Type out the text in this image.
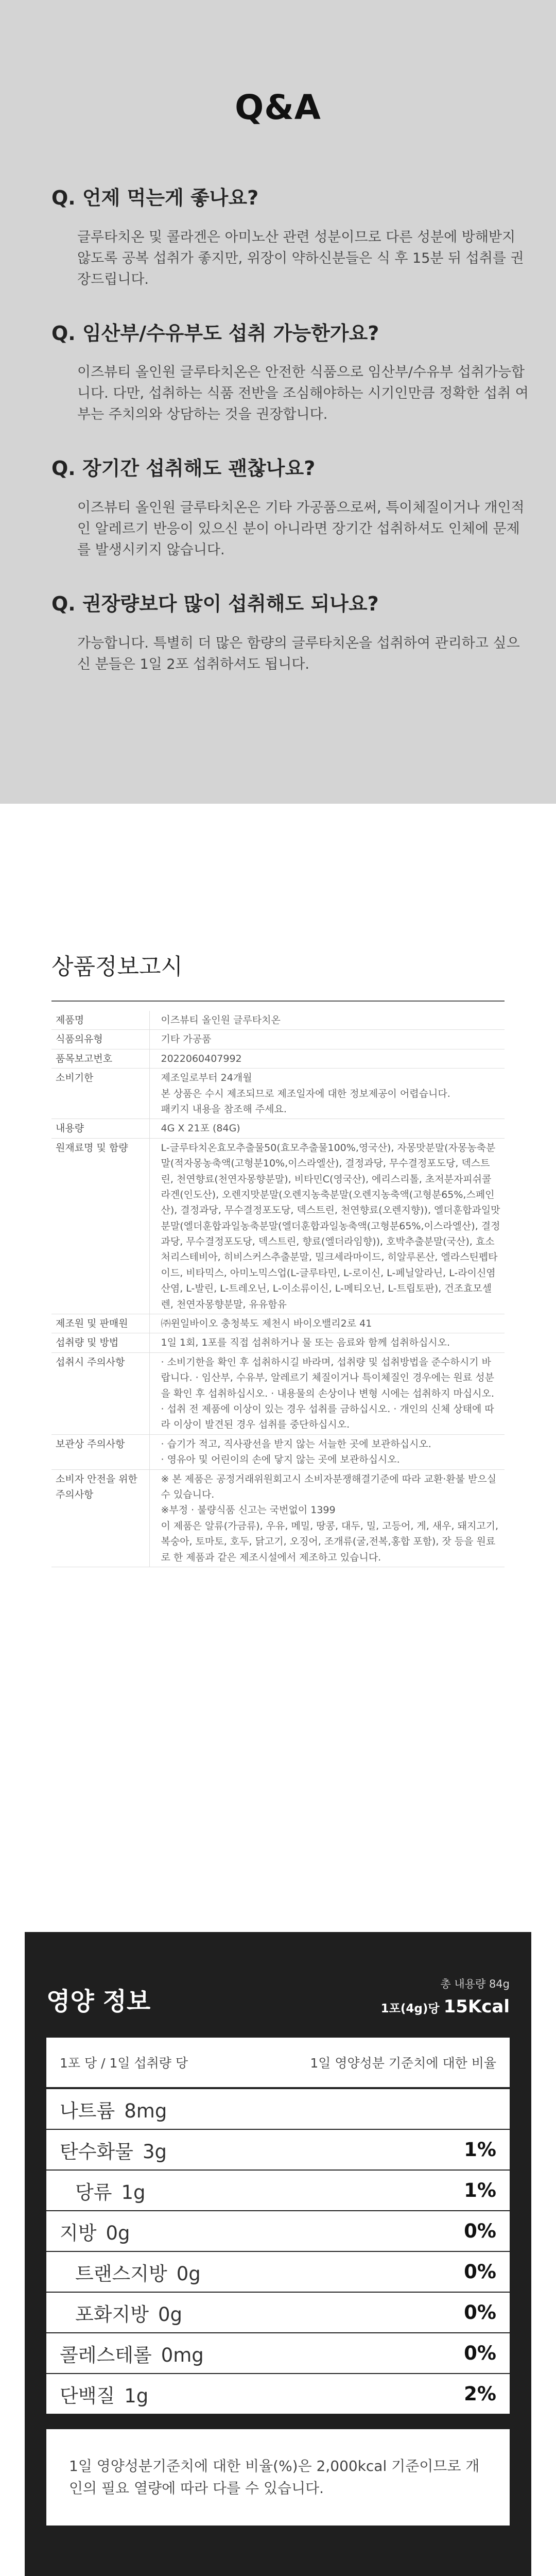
Q&A
Q. 언제 먹는게 좋나요?
글루타치온 및 콜라겐은 아미노산 관련 성분이므로 다른 성분에 방해받지 않도록 공복 섭취가 좋지만, 위장이 약하신분들은 식 후 15분 뒤 섭취를 권장드립니다.
Q. 임산부/수유부도 섭취 가능한가요?
이즈뷰티 올인원 글루타치온은 안전한 식품으로 임산부/수유부 섭취가능합니다. 다만, 섭취하는 식품 전반을 조심해야하는 시기인만큼 정확한 섭취 여부는 주치의와 상담하는 것을 권장합니다.
Q. 장기간 섭취해도 괜찮나요?
이즈뷰티 올인원 글루타치온은 기타 가공품으로써, 특이체질이거나 개인적인 알레르기 반응이 있으신 분이 아니라면 장기간 섭취하셔도 인체에 문제를 발생시키지 않습니다.
Q. 권장량보다 많이 섭취해도 되나요?
가능합니다. 특별히 더 많은 함량의 글루타치온을 섭취하여 관리하고 싶으신 분들은 1일 2포 섭취하셔도 됩니다.
상품정보고시
제품명	이즈뷰티 올인원 글루타치온
식품의유형	기타 가공품
품목보고번호	2022060407992
소비기한	제조일로부터 24개월
본 상품은 수시 제조되므로 제조일자에 대한 정보제공이 어렵습니다.
패키지 내용을 참조해 주세요.
내용량	4G X 21포 (84G)
원재료명 및 함량	L-글루타치온효모추출물50(효모추출물100%,영국산), 자몽맛분말(자몽농축분말(적자몽농축액(고형분10%,이스라엘산), 결정과당, 무수결정포도당, 덱스트린, 천연향료(천연자몽향분말), 비타민C(영국산), 에리스리톨, 초저분자피쉬콜라겐(인도산), 오렌지맛분말(오렌지농축분말(오렌지농축액(고형분65%,스페인산), 결정과당, 무수결정포도당, 덱스트린, 천연향료(오렌지향)), 엘더훈합과일맛분말(엘더훈합과일농축분말(엘더훈합과일농축액(고형분65%,이스라엘산), 결정과당, 무수결정포도당, 덱스트린, 향료(엘더라임향)), 호박추출분말(국산), 효소처리스테비아, 히비스커스추출분말, 밀크세라마이드, 히알루론산, 엘라스틴펩타이드, 비타믹스, 아미노믹스업(L-글루타민, L-로이신, L-페닐알라닌, L-라이신염산염, L-발린, L-트레오닌, L-이소류이신, L-메티오닌, L-트립토판), 건조효모셀렌, 천연자몽향분말, 유유함유
제조원 및 판매원	㈜윈일바이오 충청북도 제천시 바이오밸리2로 41
섭취량 및 방법	1일 1회, 1포를 직접 섭취하거나 물 또는 음료와 함께 섭취하십시오.
섭취시 주의사항	· 소비기한을 확인 후 섭취하시길 바라며, 섭취량 및 섭취방법을 준수하시기 바랍니다. · 임산부, 수유부, 알레르기 체질이거나 특이체질인 경우에는 원료 성분을 확인 후 섭취하십시오. · 내용물의 손상이나 변형 시에는 섭취하지 마십시오. · 섭취 전 제품에 이상이 있는 경우 섭취를 금하십시오. · 개인의 신체 상태에 따라 이상이 발견된 경우 섭취를 중단하십시오.
보관상 주의사항	· 습기가 적고, 직사광선을 받지 않는 서늘한 곳에 보관하십시오.
· 영유아 및 어린이의 손에 닿지 않는 곳에 보관하십시오.
소비자 안전을 위한 주의사항	※ 본 제품은 공정거래위원회고시 소비자분쟁해결기준에 따라 교환·환불 받으실 수 있습니다.
※부정 · 불량식품 신고는 국번없이 1399
이 제품은 알류(가금류), 우유, 메밀, 땅콩, 대두, 밀, 고등어, 게, 새우, 돼지고기, 복숭아, 토마토, 호두, 닭고기, 오징어, 조개류(굴,전복,홍합 포함), 잣 등을 원료로 한 제품과 같은 제조시설에서 제조하고 있습니다.
영양 정보
총 내용량 84g
1포(4g)당 15Kcal
1포 당 / 1일 섭취량 당	1일 영양성분 기준치에 대한 비율
나트륨 8mg
탄수화물 3g	1%
당류 1g	1%
지방 0g	0%
트랜스지방 0g	0%
포화지방 0g	0%
콜레스테롤 0mg	0%
단백질 1g	2%
1일 영양성분기준치에 대한 비율(%)은 2,000kcal 기준이므로 개인의 필요 열량에 따라 다를 수 있습니다.
